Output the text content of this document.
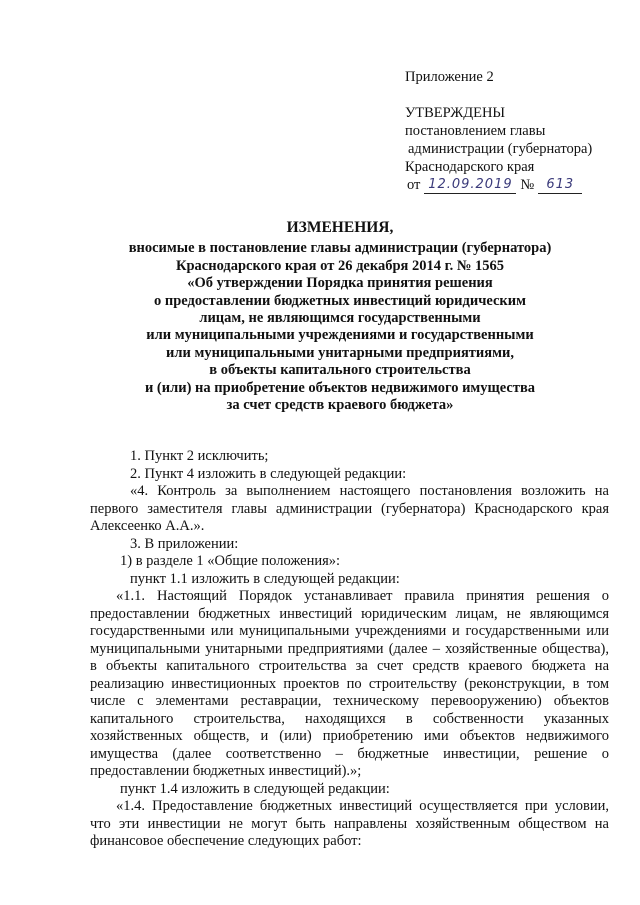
Приложение 2
УТВЕРЖДЕНЫ
постановлением главы
администрации (губернатора)
Краснодарского края
от 12.09.2019 № 613
ИЗМЕНЕНИЯ,
вносимые в постановление главы администрации (губернатора)
Краснодарского края от 26 декабря 2014 г. № 1565
«Об утверждении Порядка принятия решения
о предоставлении бюджетных инвестиций юридическим
лицам, не являющимся государственными
или муниципальными учреждениями и государственными
или муниципальными унитарными предприятиями,
в объекты капитального строительства
и (или) на приобретение объектов недвижимого имущества
за счет средств краевого бюджета»

1. Пункт 2 исключить;

2. Пункт 4 изложить в следующей редакции:

«4. Контроль за выполнением настоящего постановления возложить на первого заместителя главы администрации (губернатора) Краснодарского края Алексеенко А.А.».

3. В приложении:

1) в разделе 1 «Общие положения»:

пункт 1.1 изложить в следующей редакции:

«1.1. Настоящий Порядок устанавливает правила принятия решения о предоставлении бюджетных инвестиций юридическим лицам, не являющимся государственными или муниципальными учреждениями и государственными или муниципальными унитарными предприятиями (далее – хозяйственные общества), в объекты капитального строительства за счет средств краевого бюджета на реализацию инвестиционных проектов по строительству (реконструкции, в том числе с элементами реставрации, техническому перевооружению) объектов капитального строительства, находящихся в собственности указанных хозяйственных обществ, и (или) приобретению ими объектов недвижимого имущества (далее соответственно – бюджетные инвестиции, решение о предоставлении бюджетных инвестиций).»;

пункт 1.4 изложить в следующей редакции:

«1.4. Предоставление бюджетных инвестиций осуществляется при условии, что эти инвестиции не могут быть направлены хозяйственным обществом на финансовое обеспечение следующих работ:
